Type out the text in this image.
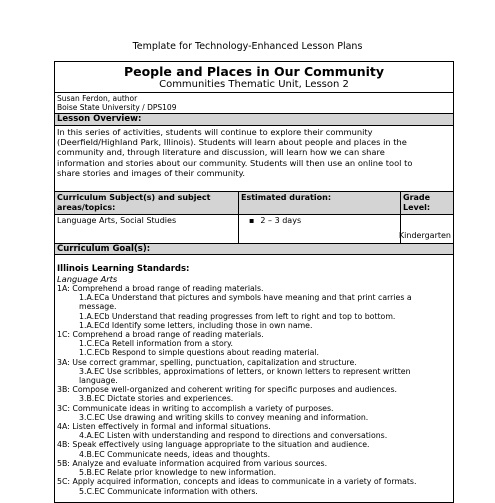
Template for Technology-Enhanced Lesson Plans
People and Places in Our Community
Communities Thematic Unit, Lesson 2
Susan Ferdon, author
Boise State University / DPS109
Lesson Overview:
In this series of activities, students will continue to explore their community
(Deerfield/Highland Park, Illinois). Students will learn about people and places in the
community and, through literature and discussion, will learn how we can share
information and stories about our community. Students will then use an online tool to
share stories and images of their community.
Curriculum Subject(s) and subject areas/topics:
Estimated duration:	Grade Level:
Language Arts, Social Studies	▪ 2 – 3 days
Kindergarten
Curriculum Goal(s):
Illinois Learning Standards:
Language Arts
1A: Comprehend a broad range of reading materials.
1.A.ECa Understand that pictures and symbols have meaning and that print carries a
message.
1.A.ECb Understand that reading progresses from left to right and top to bottom.
1.A.ECd Identify some letters, including those in own name.
1C: Comprehend a broad range of reading materials.
1.C.ECa Retell information from a story.
1.C.ECb Respond to simple questions about reading material.
3A: Use correct grammar, spelling, punctuation, capitalization and structure.
3.A.EC Use scribbles, approximations of letters, or known letters to represent written
language.
3B: Compose well-organized and coherent writing for specific purposes and audiences.
3.B.EC Dictate stories and experiences.
3C: Communicate ideas in writing to accomplish a variety of purposes.
3.C.EC Use drawing and writing skills to convey meaning and information.
4A: Listen effectively in formal and informal situations.
4.A.EC Listen with understanding and respond to directions and conversations.
4B: Speak effectively using language appropriate to the situation and audience.
4.B.EC Communicate needs, ideas and thoughts.
5B: Analyze and evaluate information acquired from various sources.
5.B.EC Relate prior knowledge to new information.
5C: Apply acquired information, concepts and ideas to communicate in a variety of formats.
5.C.EC Communicate information with others.
